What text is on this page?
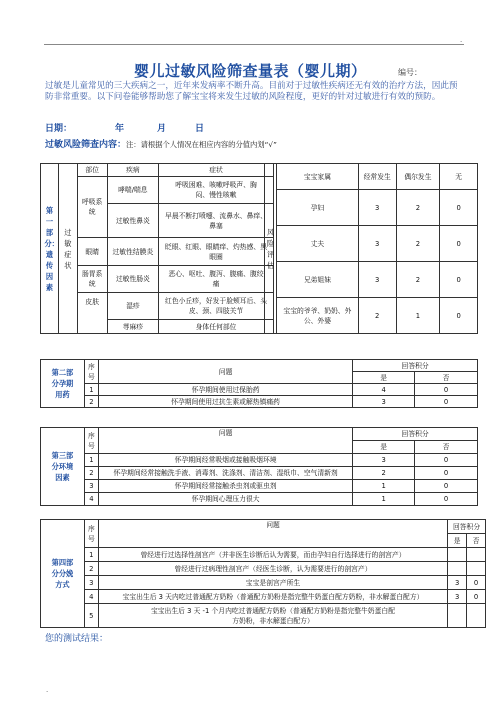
·
婴儿过敏风险筛查量表（婴儿期）	编号：
过敏是儿童常见的三大疾病之一，近年来发病率不断升高。目前对于过敏性疾病还无有效的治疗方法，因此预防非常重要。以下问卷能够帮助您了解宝宝将来发生过敏的风险程度，更好的针对过敏进行有效的预防。
日期：	年	月	日
过敏风险筛查内容：注：请根据个人情况在相应内容的分值内划“√”
第一部分：遗传因素	过敏症状	部位	疾病	症状

		呼吸系统	哮喘/喘息	呼吸困难、咳嗽呼吸声、胸闷、慢性咳嗽

			过敏性鼻炎	早晨不断打喷嚏、流鼻水、鼻痒、鼻塞

		眼睛	过敏性结膜炎	眨眼、红眼、眼睛痒、灼热感、黑眼圈

		肠胃系统	过敏性肠炎	恶心、呕吐、腹泻、腹痛、腹绞痛

		皮肤	湿疹	红色小丘疹，好发于脸颊耳后、头皮、颈、四肢关节

			荨麻疹	身体任何部位
风险评估	宝宝家属	经常发生	偶尔发生	无
	孕妇	3	2	0
	丈夫	3	2	0
	兄弟姐妹	3	2	0

	宝宝的爷爷、奶奶、外公、外婆	2	1	0
第二部分孕期用药	序号	问题	回答积分	
			是	否
	1	怀孕期间使用过保胎药	4	0
	2	怀孕期间使用过抗生素或解热镇痛药	3	0
第三部分环境因素	序号	问题	回答积分	
			是	否
	1	怀孕期间经常吸烟或接触吸烟环境	3	0
	2	怀孕期间经常接触洗手液、消毒剂、洗涤剂、清洁剂、湿纸巾、空气清新剂	2	0
	3	怀孕期间经常接触杀虫剂或驱虫剂	1	0
	4	怀孕期间心理压力很大	1	0
第四部分分娩方式	序号	问题	回答积分	
			是	否
	1	曾经进行过选择性剖宫产（并非医生诊断后认为需要，而由孕妇自行选择进行的剖宫产）		
	2	曾经进行过病理性剖宫产（经医生诊断，认为需要进行的剖宫产）		
	3	宝宝是剖宫产所生	3	0
	4	宝宝出生后 3 天内吃过普通配方奶粉（普通配方奶粉是指完整牛奶蛋白配方奶粉，非水解蛋白配方）	3	0
	5	宝宝出生后 3 天 -1 个月内吃过普通配方奶粉（普通配方奶粉是指完整牛奶蛋白配方奶粉，非水解蛋白配方）		

您的测试结果：
.
